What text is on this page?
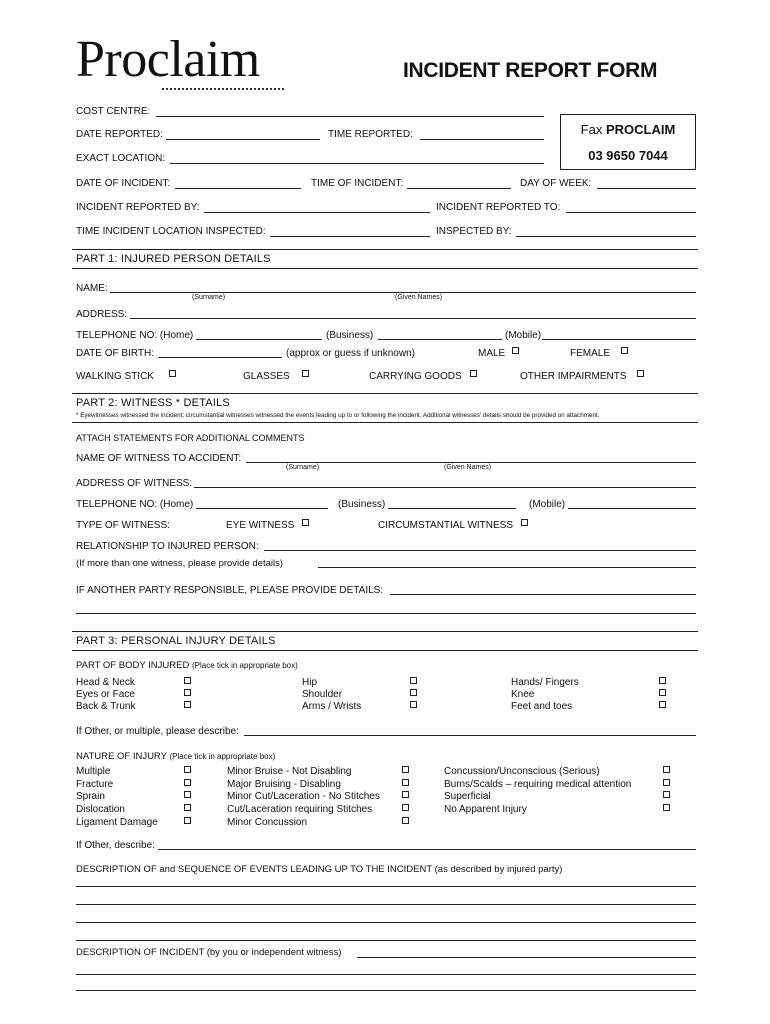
Proclaim	INCIDENT REPORT FORM
Fax PROCLAIM
03 9650 7044
COST CENTRE:
DATE REPORTED:	TIME REPORTED:
EXACT LOCATION:
DATE OF INCIDENT:	TIME OF INCIDENT:	DAY OF WEEK:
INCIDENT REPORTED BY:	INCIDENT REPORTED TO:
TIME INCIDENT LOCATION INSPECTED:	INSPECTED BY:
PART 1: INJURED PERSON DETAILS
NAME:
(Surname)	(Given Names)
ADDRESS:
TELEPHONE NO: (Home)	(Business)	(Mobile)
DATE OF BIRTH:	(approx or guess if unknown)	MALE	FEMALE
WALKING STICK	GLASSES	CARRYING GOODS	OTHER IMPAIRMENTS
PART 2: WITNESS * DETAILS
* Eyewitnesses witnessed the incident; circumstantial witnesses witnessed the events leading up to or following the incident. Additional witnesses' details should be provided on attachment.
ATTACH STATEMENTS FOR ADDITIONAL COMMENTS
NAME OF WITNESS TO ACCIDENT:
(Surname)	(Given Names)
ADDRESS OF WITNESS:
TELEPHONE NO: (Home)	(Business)	(Mobile)
TYPE OF WITNESS:	EYE WITNESS	CIRCUMSTANTIAL WITNESS
RELATIONSHIP TO INJURED PERSON:
(If more than one witness, please provide details)
IF ANOTHER PARTY RESPONSIBLE, PLEASE PROVIDE DETAILS:
PART 3: PERSONAL INJURY DETAILS
PART OF BODY INJURED (Place tick in appropriate box)
Head & Neck
Eyes or Face
Back & Trunk
Hip
Shoulder
Arms / Wrists
Hands/ Fingers
Knee
Feet and toes
If Other, or multiple, please describe:
NATURE OF INJURY (Place tick in appropriate box)
Multiple
Fracture
Sprain
Dislocation
Ligament Damage
Minor Bruise - Not Disabling
Major Bruising - Disabling
Minor Cut/Laceration - No Stitches
Cut/Laceration requiring Stitches
Minor Concussion
Concussion/Unconscious (Serious)
Burns/Scalds – requiring medical attention
Superficial
No Apparent Injury
If Other, describe:
DESCRIPTION OF and SEQUENCE OF EVENTS LEADING UP TO THE INCIDENT (as described by injured party)
DESCRIPTION OF INCIDENT (by you or independent witness)
